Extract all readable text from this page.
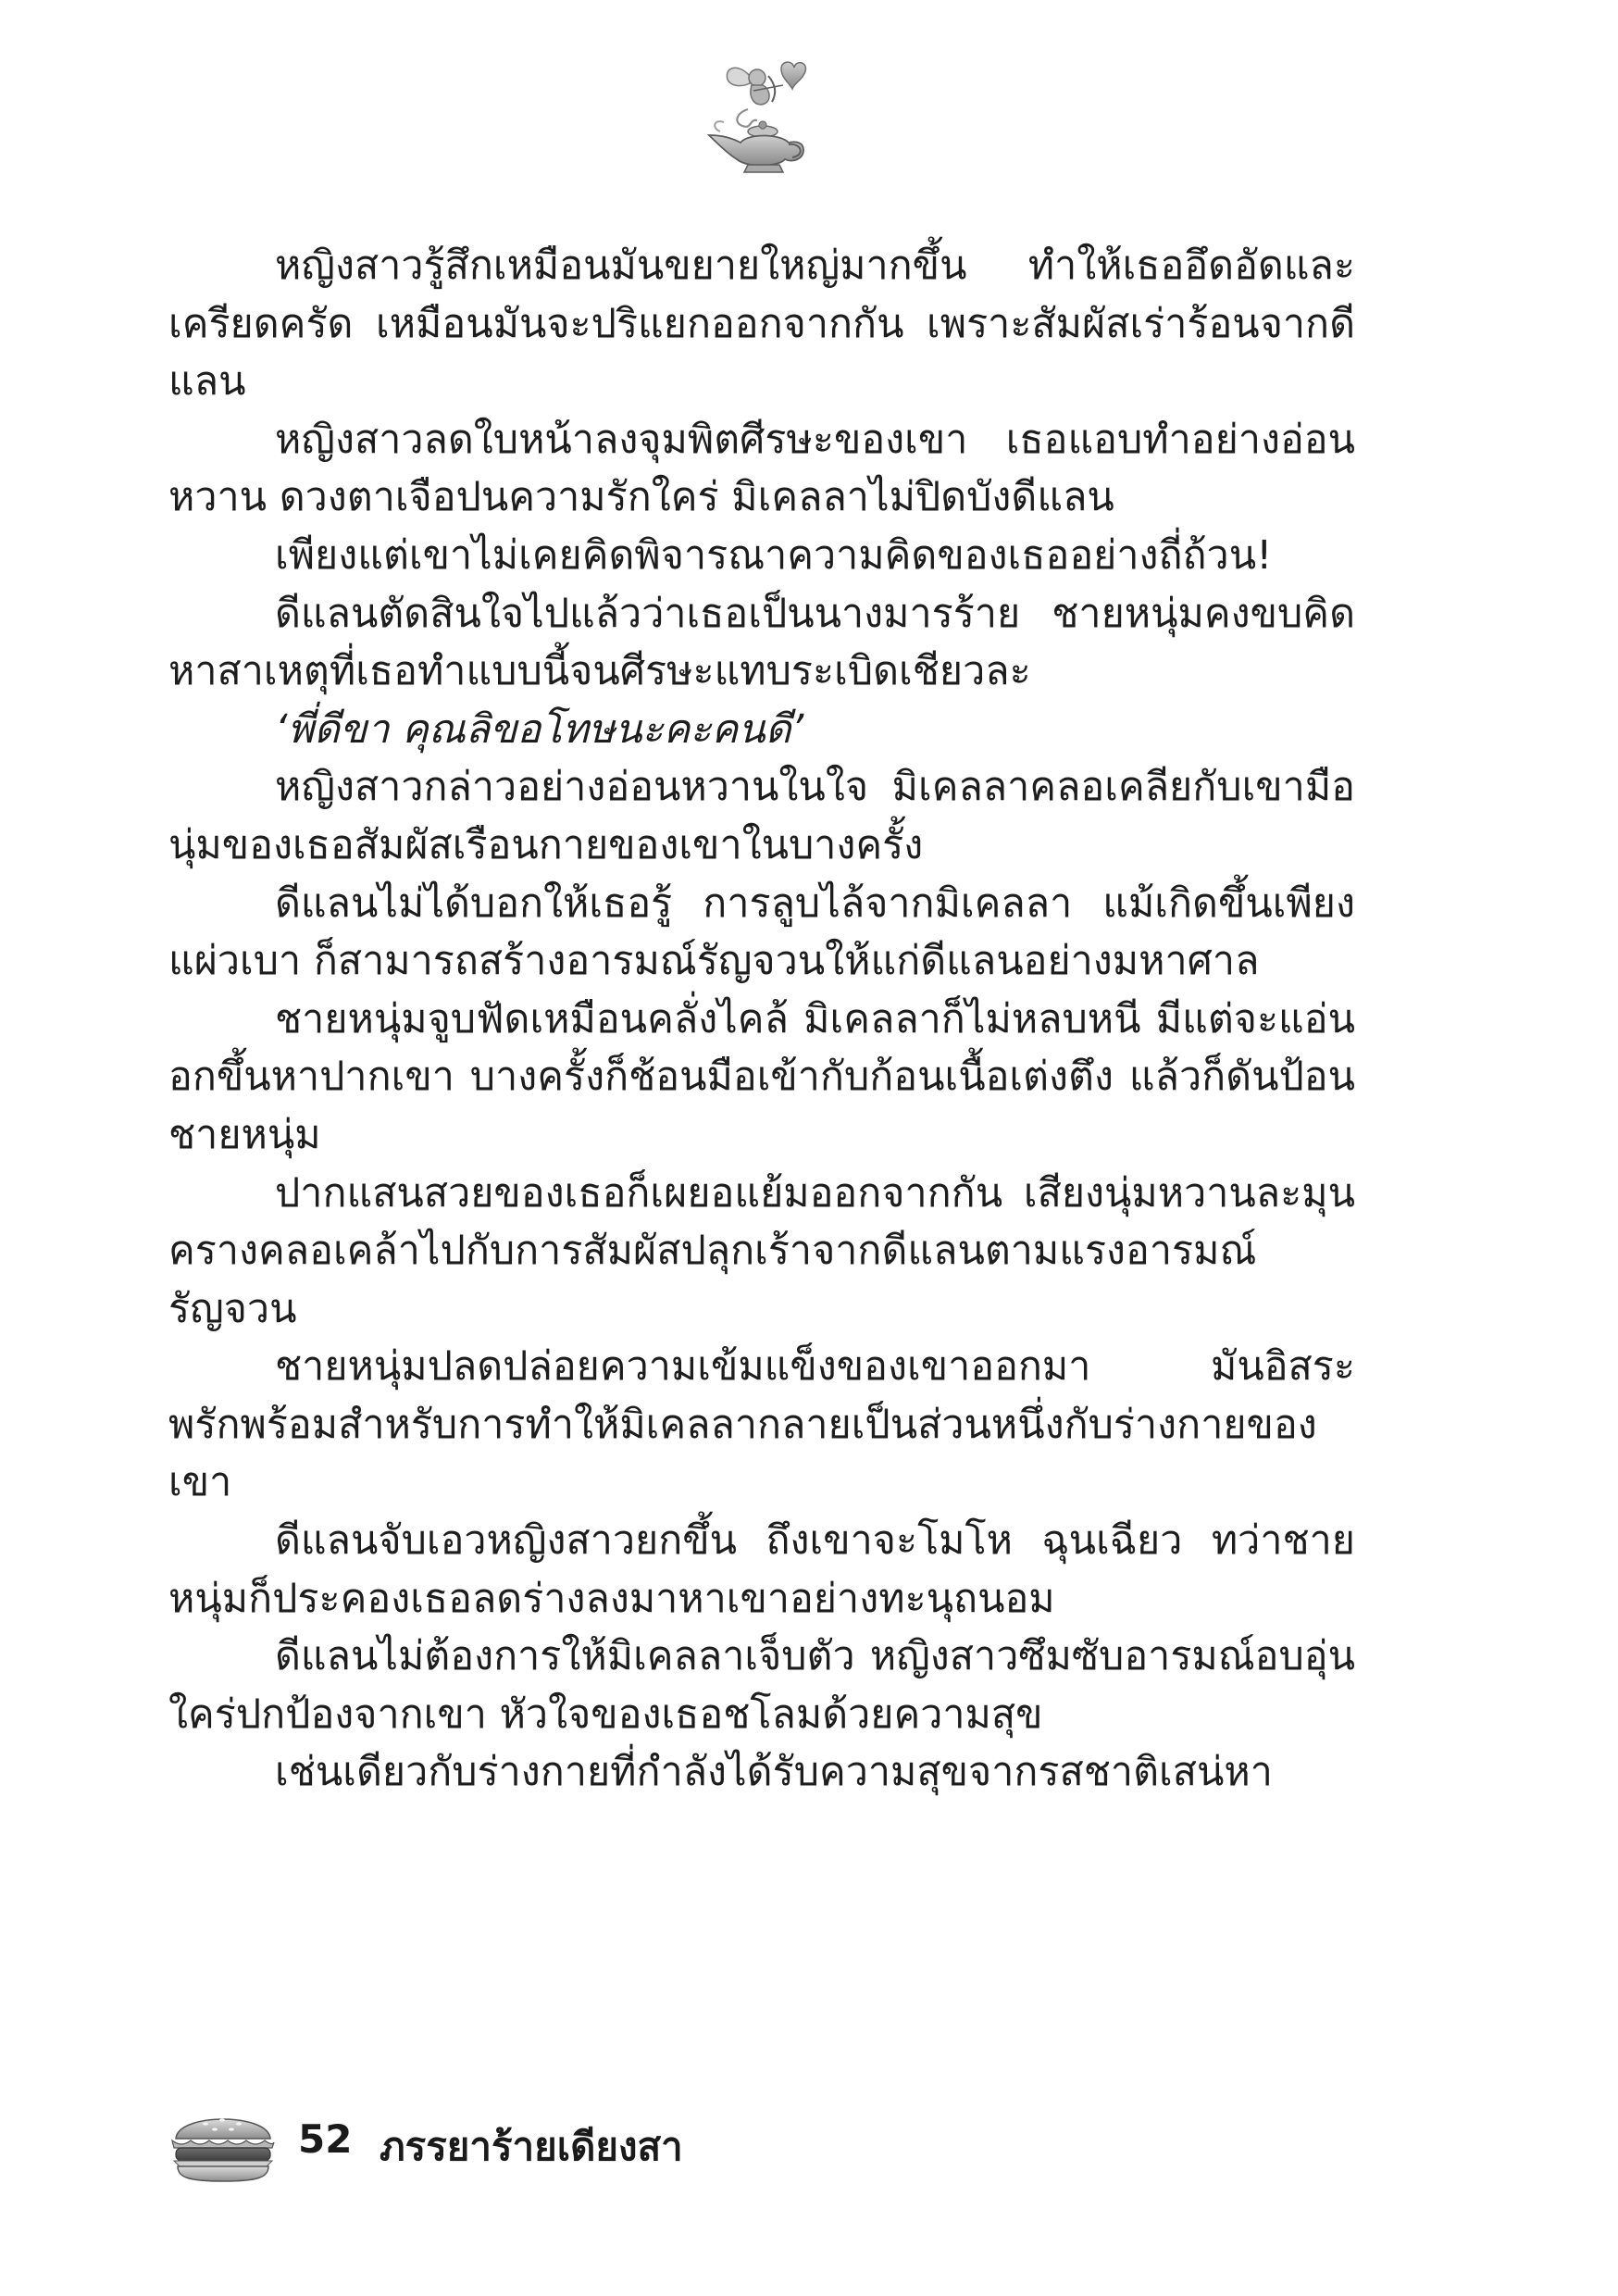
หญิงสาวรู้สึกเหมือนมันขยายใหญ่มากขึ้น ทำให้เธออึดอัดและเครียดครัด เหมือนมันจะปริแยกออกจากกัน เพราะสัมผัสเร่าร้อนจากดีแลน

หญิงสาวลดใบหน้าลงจุมพิตศีรษะของเขา เธอแอบทำอย่างอ่อนหวาน ดวงตาเจือปนความรักใคร่ มิเคลลาไม่ปิดบังดีแลน

เพียงแต่เขาไม่เคยคิดพิจารณาความคิดของเธออย่างถี่ถ้วน!

ดีแลนตัดสินใจไปแล้วว่าเธอเป็นนางมารร้าย ชายหนุ่มคงขบคิดหาสาเหตุที่เธอทำแบบนี้จนศีรษะแทบระเบิดเชียวละ

‘พี่ดีขา คุณลิขอโทษนะคะคนดี’

หญิงสาวกล่าวอย่างอ่อนหวานในใจ มิเคลลาคลอเคลียกับเขามือนุ่มของเธอสัมผัสเรือนกายของเขาในบางครั้ง

ดีแลนไม่ได้บอกให้เธอรู้ การลูบไล้จากมิเคลลา แม้เกิดขึ้นเพียงแผ่วเบา ก็สามารถสร้างอารมณ์รัญจวนให้แก่ดีแลนอย่างมหาศาล

ชายหนุ่มจูบฟัดเหมือนคลั่งไคล้ มิเคลลาก็ไม่หลบหนี มีแต่จะแอ่นอกขึ้นหาปากเขา บางครั้งก็ช้อนมือเข้ากับก้อนเนื้อเต่งตึง แล้วก็ดันป้อนชายหนุ่ม

ปากแสนสวยของเธอก็เผยอแย้มออกจากกัน เสียงนุ่มหวานละมุนครางคลอเคล้าไปกับการสัมผัสปลุกเร้าจากดีแลนตามแรงอารมณ์รัญจวน

ชายหนุ่มปลดปล่อยความเข้มแข็งของเขาออกมา มันอิสระพรักพร้อมสำหรับการทำให้มิเคลลากลายเป็นส่วนหนึ่งกับร่างกายของเขา

ดีแลนจับเอวหญิงสาวยกขึ้น ถึงเขาจะโมโห ฉุนเฉียว ทว่าชายหนุ่มก็ประคองเธอลดร่างลงมาหาเขาอย่างทะนุถนอม

ดีแลนไม่ต้องการให้มิเคลลาเจ็บตัว หญิงสาวซึมซับอารมณ์อบอุ่นใคร่ปกป้องจากเขา หัวใจของเธอชโลมด้วยความสุข

เช่นเดียวกับร่างกายที่กำลังได้รับความสุขจากรสชาติเสน่หา

52 ภรรยาร้ายเดียงสา
